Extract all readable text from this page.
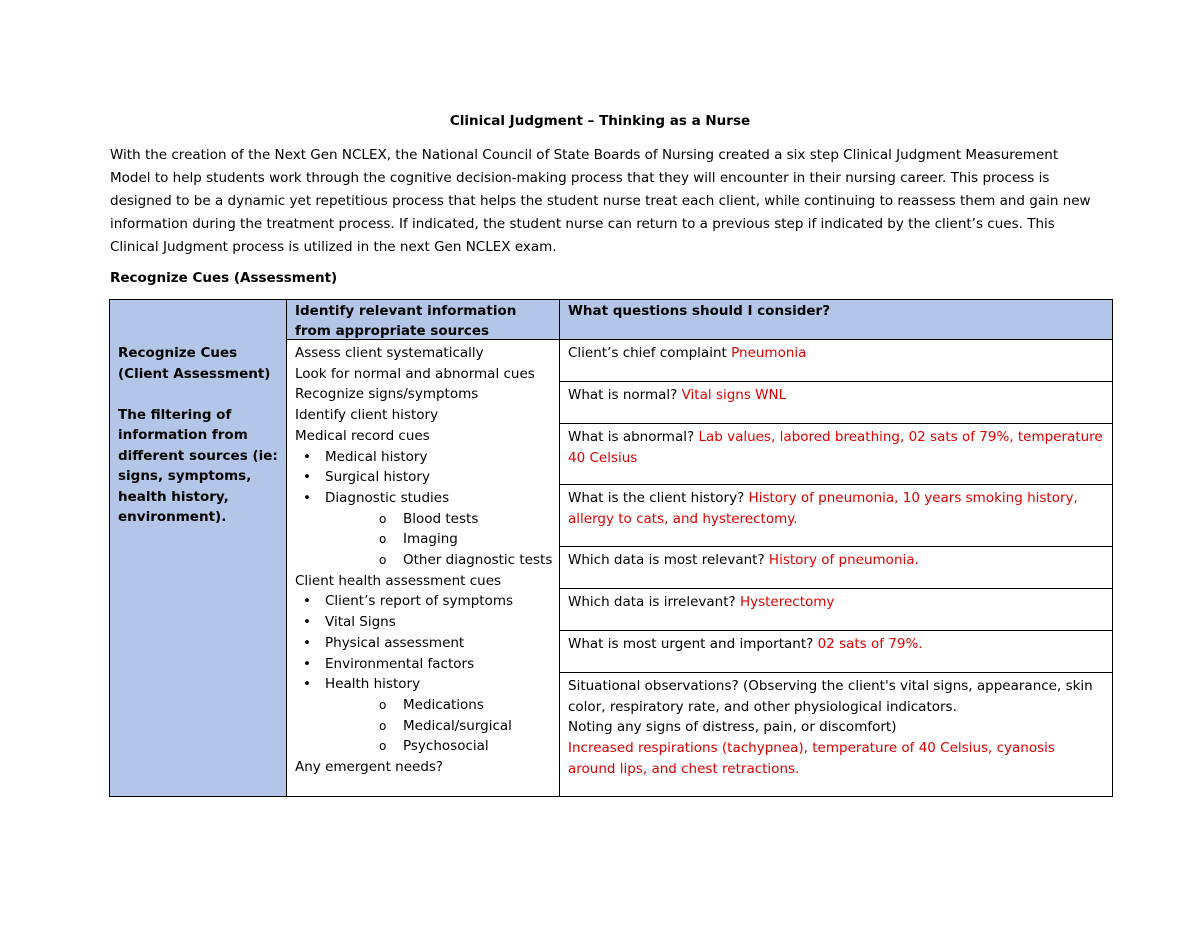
Clinical Judgment – Thinking as a Nurse
With the creation of the Next Gen NCLEX, the National Council of State Boards of Nursing created a six step Clinical Judgment Measurement Model to help students work through the cognitive decision-making process that they will encounter in their nursing career. This process is designed to be a dynamic yet repetitious process that helps the student nurse treat each client, while continuing to reassess them and gain new information during the treatment process. If indicated, the student nurse can return to a previous step if indicated by the client’s cues. This Clinical Judgment process is utilized in the next Gen NCLEX exam.
Recognize Cues (Assessment)
Recognize Cues (Client Assessment)
The filtering of information from different sources (ie: signs, symptoms, health history, environment).
Identify relevant information from appropriate sources
Assess client systematically
Look for normal and abnormal cues
Recognize signs/symptoms
Identify client history
Medical record cues
• Medical history
• Surgical history
• Diagnostic studies
o Blood tests
o Imaging
o Other diagnostic tests
Client health assessment cues
• Client’s report of symptoms
• Vital Signs
• Physical assessment
• Environmental factors
• Health history
o Medications
o Medical/surgical
o Psychosocial
Any emergent needs?
What questions should I consider?
Client’s chief complaint Pneumonia
What is normal? Vital signs WNL
What is abnormal? Lab values, labored breathing, 02 sats of 79%, temperature 40 Celsius
What is the client history? History of pneumonia, 10 years smoking history, allergy to cats, and hysterectomy.
Which data is most relevant? History of pneumonia.
Which data is irrelevant? Hysterectomy
What is most urgent and important? 02 sats of 79%.
Situational observations? (Observing the client's vital signs, appearance, skin color, respiratory rate, and other physiological indicators.
Noting any signs of distress, pain, or discomfort)
Increased respirations (tachypnea), temperature of 40 Celsius, cyanosis around lips, and chest retractions.
